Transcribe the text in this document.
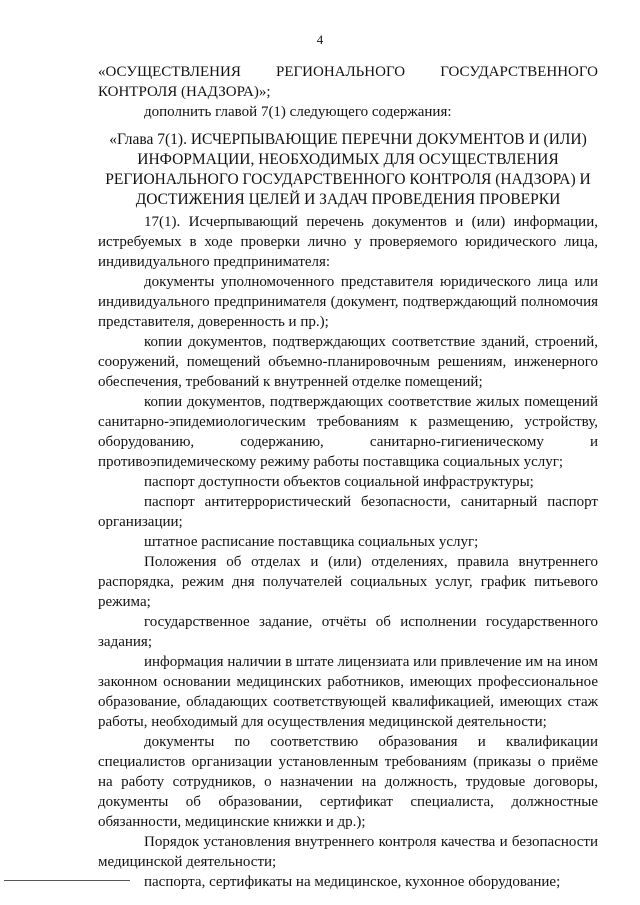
4

«ОСУЩЕСТВЛЕНИЯ РЕГИОНАЛЬНОГО ГОСУДАРСТВЕННОГО КОНТРОЛЯ (НАДЗОРА)»;

дополнить главой 7(1) следующего содержания:

«Глава 7(1). ИСЧЕРПЫВАЮЩИЕ ПЕРЕЧНИ ДОКУМЕНТОВ И (ИЛИ) ИНФОРМАЦИИ, НЕОБХОДИМЫХ ДЛЯ ОСУЩЕСТВЛЕНИЯ РЕГИОНАЛЬНОГО ГОСУДАРСТВЕННОГО КОНТРОЛЯ (НАДЗОРА) И ДОСТИЖЕНИЯ ЦЕЛЕЙ И ЗАДАЧ ПРОВЕДЕНИЯ ПРОВЕРКИ

17(1). Исчерпывающий перечень документов и (или) информации, истребуемых в ходе проверки лично у проверяемого юридического лица, индивидуального предпринимателя:

документы уполномоченного представителя юридического лица или индивидуального предпринимателя (документ, подтверждающий полномочия представителя, доверенность и пр.);

копии документов, подтверждающих соответствие зданий, строений, сооружений, помещений объемно-планировочным решениям, инженерного обеспечения, требований к внутренней отделке помещений;

копии документов, подтверждающих соответствие жилых помещений санитарно-эпидемиологическим требованиям к размещению, устройству, оборудованию, содержанию, санитарно-гигиеническому и противоэпидемическому режиму работы поставщика социальных услуг;

паспорт доступности объектов социальной инфраструктуры;

паспорт антитеррористический безопасности, санитарный паспорт организации;

штатное расписание поставщика социальных услуг;

Положения об отделах и (или) отделениях, правила внутреннего распорядка, режим дня получателей социальных услуг, график питьевого режима;

государственное задание, отчёты об исполнении государственного задания;

информация наличии в штате лицензиата или привлечение им на ином законном основании медицинских работников, имеющих профессиональное образование, обладающих соответствующей квалификацией, имеющих стаж работы, необходимый для осуществления медицинской деятельности;

документы по соответствию образования и квалификации специалистов организации установленным требованиям (приказы о приёме на работу сотрудников, о назначении на должность, трудовые договоры, документы об образовании, сертификат специалиста, должностные обязанности, медицинские книжки и др.);

Порядок установления внутреннего контроля качества и безопасности медицинской деятельности;

паспорта, сертификаты на медицинское, кухонное оборудование;
